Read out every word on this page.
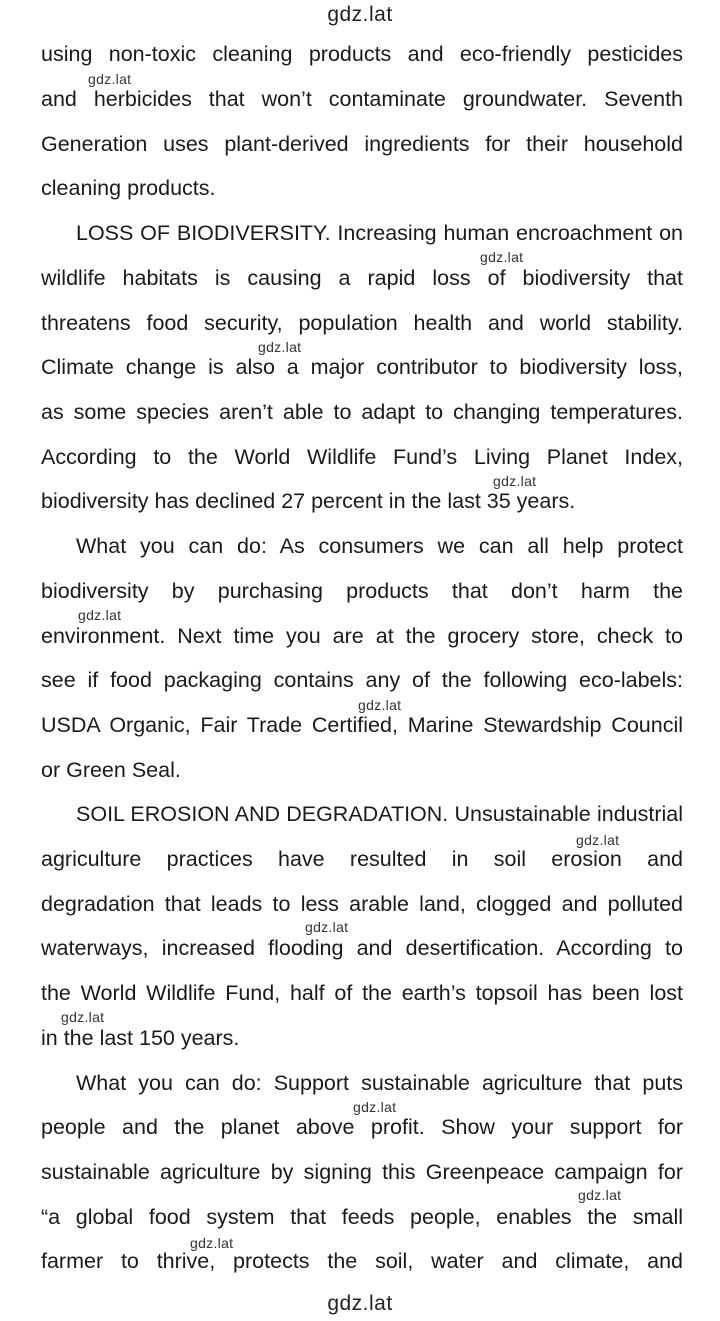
gdz.lat
using non-toxic cleaning products and eco-friendly pesticides
and herbicides that won’t contaminate groundwater. Seventh
Generation uses plant-derived ingredients for their household
cleaning products.
LOSS OF BIODIVERSITY. Increasing human encroachment on
wildlife habitats is causing a rapid loss of biodiversity that
threatens food security, population health and world stability.
Climate change is also a major contributor to biodiversity loss,
as some species aren’t able to adapt to changing temperatures.
According to the World Wildlife Fund’s Living Planet Index,
biodiversity has declined 27 percent in the last 35 years.
What you can do: As consumers we can all help protect
biodiversity by purchasing products that don’t harm the
environment. Next time you are at the grocery store, check to
see if food packaging contains any of the following eco-labels:
USDA Organic, Fair Trade Certified, Marine Stewardship Council
or Green Seal.
SOIL EROSION AND DEGRADATION. Unsustainable industrial
agriculture practices have resulted in soil erosion and
degradation that leads to less arable land, clogged and polluted
waterways, increased flooding and desertification. According to
the World Wildlife Fund, half of the earth’s topsoil has been lost
in the last 150 years.
What you can do: Support sustainable agriculture that puts
people and the planet above profit. Show your support for
sustainable agriculture by signing this Greenpeace campaign for
“a global food system that feeds people, enables the small
farmer to thrive, protects the soil, water and climate, and
gdz.lat
gdz.lat
gdz.lat
gdz.lat
gdz.lat
gdz.lat
gdz.lat
gdz.lat
gdz.lat
gdz.lat
gdz.lat
gdz.lat
gdz.lat
